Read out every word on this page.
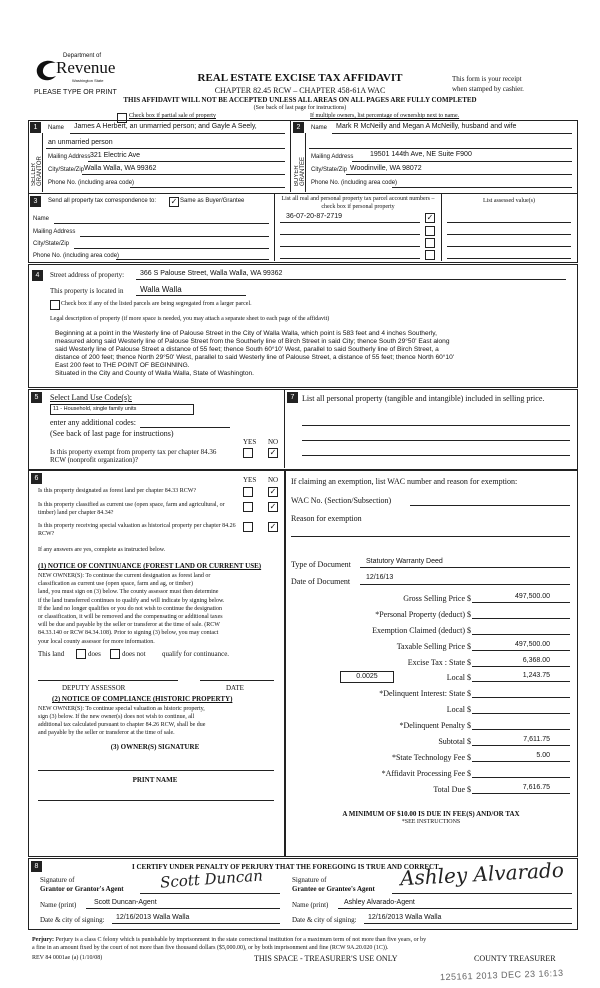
Department of
Revenue
Washington State
PLEASE TYPE OR PRINT
REAL ESTATE EXCISE TAX AFFIDAVIT
CHAPTER 82.45 RCW – CHAPTER 458-61A WAC
This form is your receipt
when stamped by cashier.
THIS AFFIDAVIT WILL NOT BE ACCEPTED UNLESS ALL AREAS ON ALL PAGES ARE FULLY COMPLETED
(See back of last page for instructions)
Check box if partial sale of property	If multiple owners, list percentage of ownership next to name.
1
SELLER GRANTOR
Name James A Herbert, an unmarried person; and Gayle A Seely,
an unmarried person
Mailing Address 321 Electric Ave
City/State/Zip Walla Walla, WA 99362
Phone No. (including area code)
2
BUYER GRANTEE
Name Mark R McNeilly and Megan A McNeilly, husband and wife
Mailing Address 19501 144th Ave, NE Suite F900
City/State/Zip Woodinville, WA 98072
Phone No. (including area code)
3	Send all property tax correspondence to: ✓ Same as Buyer/Grantee
Name
Mailing Address
City/State/Zip
Phone No. (including area code)
List all real and personal property tax parcel account numbers – check box if personal property
List assessed value(s)
36-07-20-87-2719	✓
4	Street address of property: 366 S Palouse Street, Walla Walla, WA 99362
This property is located in Walla Walla
Check box if any of the listed parcels are being segregated from a larger parcel.
Legal description of property (if more space is needed, you may attach a separate sheet to each page of the affidavit)
Beginning at a point in the Westerly line of Palouse Street in the City of Walla Walla, which point is 583 feet and 4 inches Southerly,
measured along said Westerly line of Palouse Street from the Southerly line of Birch Street in said City; thence South 29°50' East along
said Westerly line of Palouse Street a distance of 55 feet; thence South 60°10' West, parallel to said Southerly line of Birch Street, a
distance of 200 feet; thence North 29°50' West, parallel to said Westerly line of Palouse Street, a distance of 55 feet; thence North 60°10'
East 200 feet to THE POINT OF BEGINNING.
Situated in the City and County of Walla Walla, State of Washington.
5	Select Land Use Code(s):
11 - Household, single family units
enter any additional codes:
(See back of last page for instructions)
YES NO
Is this property exempt from property tax per chapter 84.36 RCW (nonprofit organization)?
✓
7 List all personal property (tangible and intangible) included in selling price.
6	YES NO
Is this property designated as forest land per chapter 84.33 RCW?	✓
Is this property classified as current use (open space, farm and agricultural, or timber) land per chapter 84.34?
✓
Is this property receiving special valuation as historical property per chapter 84.26 RCW?
✓
If any answers are yes, complete as instructed below.
(1) NOTICE OF CONTINUANCE (FOREST LAND OR CURRENT USE)
NEW OWNER(S): To continue the current designation as forest land or
classification as current use (open space, farm and ag, or timber)
land, you must sign on (3) below. The county assessor must then determine
if the land transferred continues to qualify and will indicate by signing below.
If the land no longer qualifies or you do not wish to continue the designation
or classification, it will be removed and the compensating or additional taxes
will be due and payable by the seller or transferor at the time of sale. (RCW
84.33.140 or RCW 84.34.108). Prior to signing (3) below, you may contact
your local county assessor for more information.
This land	does	does not qualify for continuance.
DEPUTY ASSESSOR	DATE
(2) NOTICE OF COMPLIANCE (HISTORIC PROPERTY)
NEW OWNER(S): To continue special valuation as historic property,
sign (3) below. If the new owner(s) does not wish to continue, all
additional tax calculated pursuant to chapter 84.26 RCW, shall be due
and payable by the seller or transferor at the time of sale.
(3) OWNER(S) SIGNATURE
PRINT NAME
If claiming an exemption, list WAC number and reason for exemption:
WAC No. (Section/Subsection)
Reason for exemption
Type of Document Statutory Warranty Deed
Date of Document 12/16/13
Gross Selling Price $	497,500.00
*Personal Property (deduct) $
Exemption Claimed (deduct) $
Taxable Selling Price $	497,500.00
Excise Tax : State $	6,368.00
0.0025	Local $	1,243.75
*Delinquent Interest: State $
Local $
*Delinquent Penalty $
Subtotal $	7,611.75
*State Technology Fee $	5.00
*Affidavit Processing Fee $
Total Due $	7,616.75
A MINIMUM OF $10.00 IS DUE IN FEE(S) AND/OR TAX
*SEE INSTRUCTIONS
8	I CERTIFY UNDER PENALTY OF PERJURY THAT THE FOREGOING IS TRUE AND CORRECT.
Signature of
Grantor or Grantor's Agent Scott Duncan
Name (print)	Scott Duncan-Agent
Date & city of signing: 12/16/2013 Walla Walla
Signature of
Grantee or Grantee's Agent Ashley Alvarado
Name (print) Ashley Alvarado-Agent
Date & city of signing: 12/16/2013 Walla Walla
Perjury: Perjury is a class C felony which is punishable by imprisonment in the state correctional institution for a maximum term of not more than five years, or by
a fine in an amount fixed by the court of not more than five thousand dollars ($5,000.00), or by both imprisonment and fine (RCW 9A.20.020 (1C)).
REV 84 0001ae (a) (1/10/08)	THIS SPACE - TREASURER'S USE ONLY	COUNTY TREASURER
125161 2013 DEC 23 16:13
